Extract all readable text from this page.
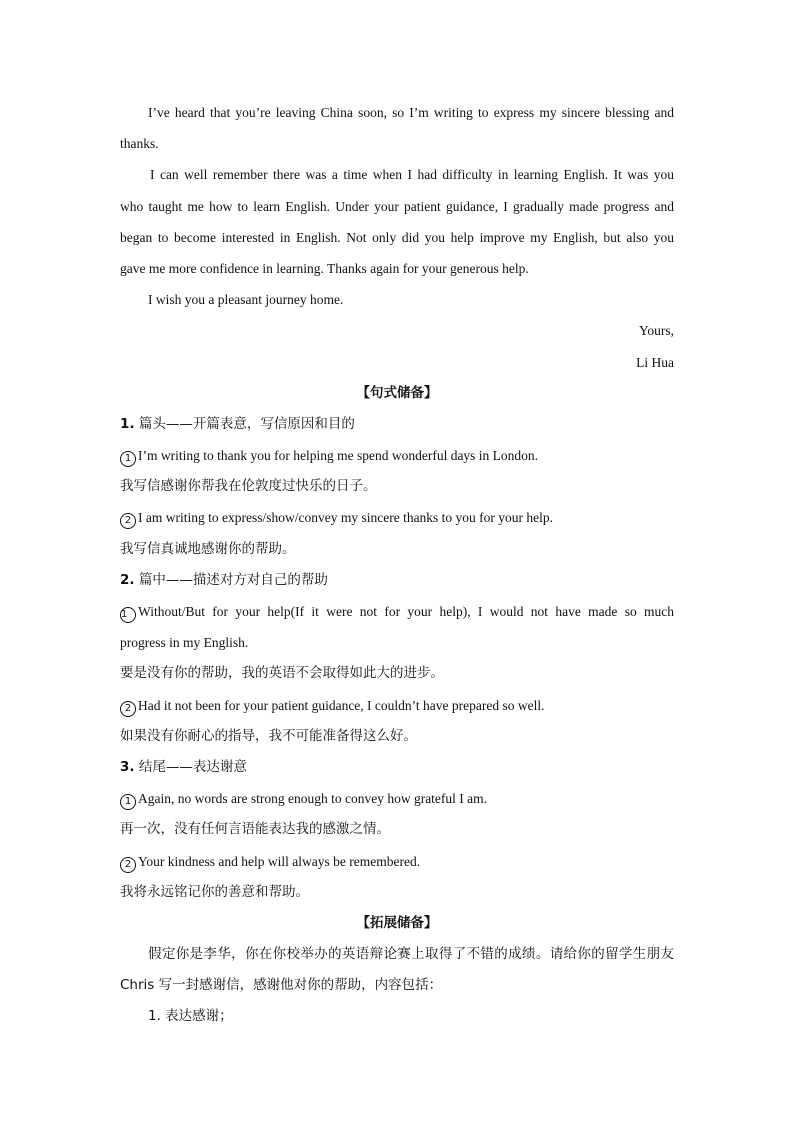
I’ve heard that you’re leaving China soon, so I’m writing to express my sincere blessing and
thanks.
I can well remember there was a time when I had difficulty in learning English. It was you
who taught me how to learn English. Under your patient guidance, I gradually made progress and
began to become interested in English. Not only did you help improve my English, but also you
gave me more confidence in learning. Thanks again for your generous help.
I wish you a pleasant journey home.
Yours,
Li Hua
【句式储备】
1. 篇头——开篇表意，写信原因和目的
1 I’m writing to thank you for helping me spend wonderful days in London.
我写信感谢你帮我在伦敦度过快乐的日子。
2 I am writing to express/show/convey my sincere thanks to you for your help.
我写信真诚地感谢你的帮助。
2. 篇中——描述对方对自己的帮助
1 Without/But for your help(If it were not for your help), I would not have made so much
progress in my English.
要是没有你的帮助，我的英语不会取得如此大的进步。
2 Had it not been for your patient guidance, I couldn’t have prepared so well.
如果没有你耐心的指导，我不可能准备得这么好。
3. 结尾——表达谢意
1 Again, no words are strong enough to convey how grateful I am.
再一次，没有任何言语能表达我的感激之情。
2 Your kindness and help will always be remembered.
我将永远铭记你的善意和帮助。
【拓展储备】
假定你是李华，你在你校举办的英语辩论赛上取得了不错的成绩。请给你的留学生朋友
Chris 写一封感谢信，感谢他对你的帮助，内容包括：
1. 表达感谢；
